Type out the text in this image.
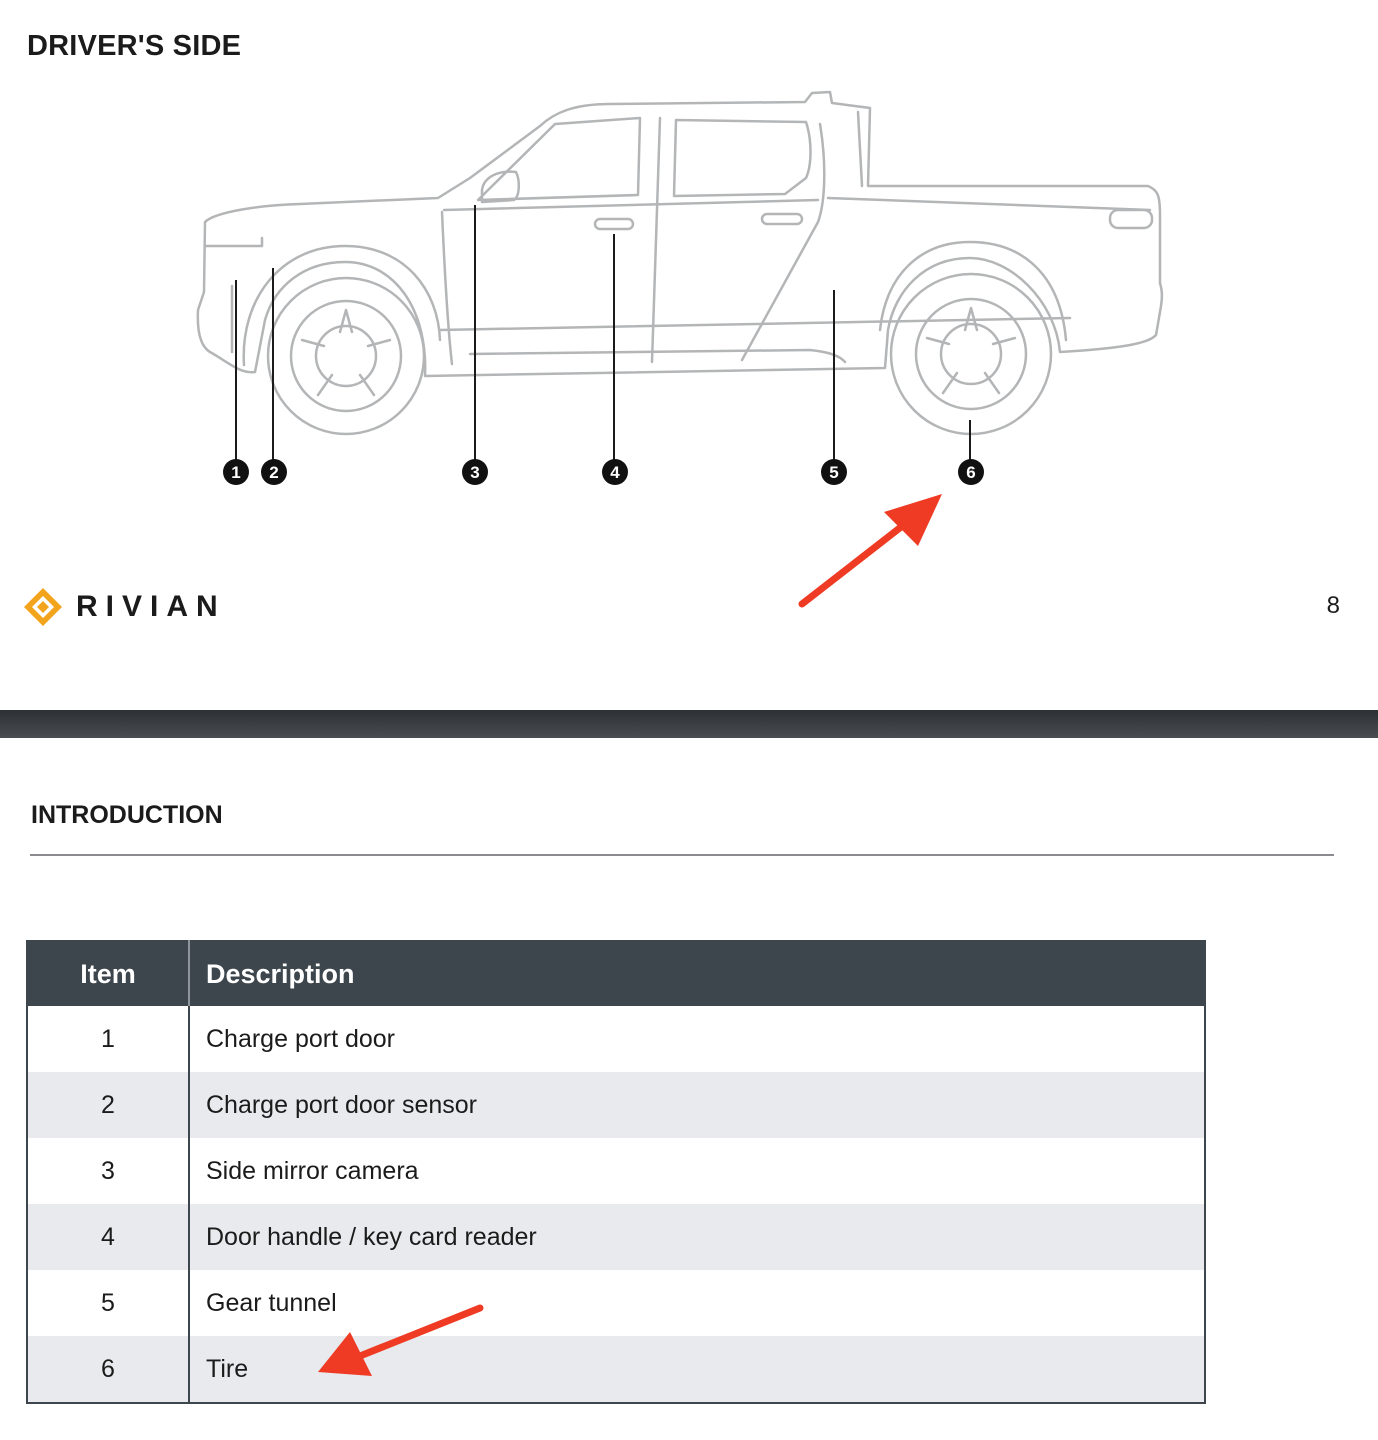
DRIVER'S SIDE
1 2	3	4	5	6
RIVIAN	8
INTRODUCTION
Item	Description
1	Charge port door
2	Charge port door sensor
3	Side mirror camera
4	Door handle / key card reader
5	Gear tunnel
6	Tire
